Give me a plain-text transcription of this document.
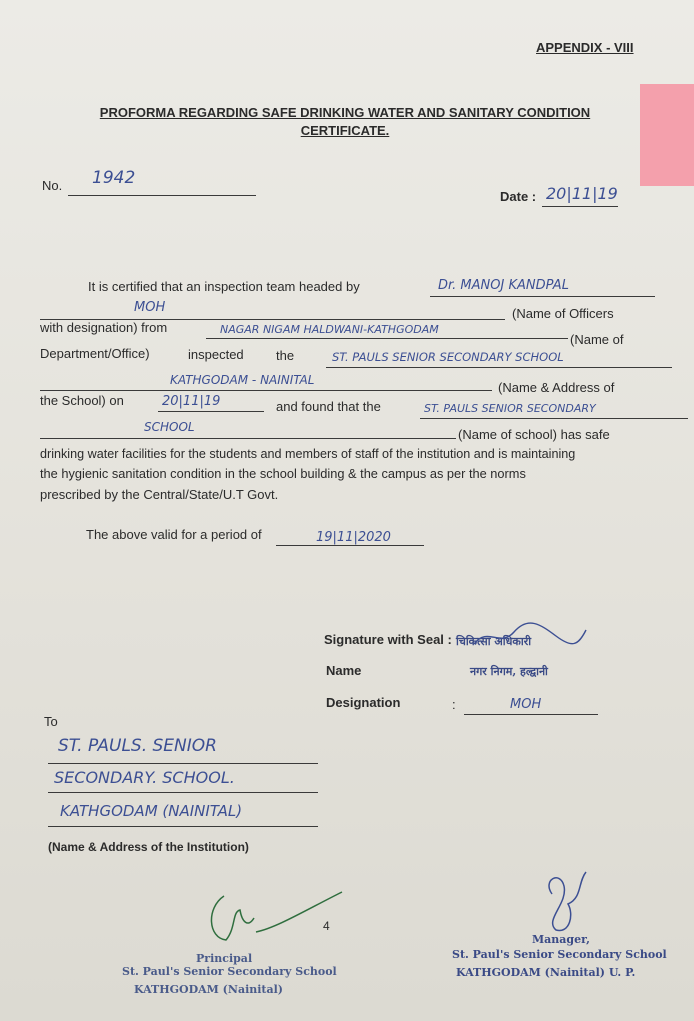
APPENDIX - VIII
PROFORMA REGARDING SAFE DRINKING WATER AND SANITARY CONDITION
CERTIFICATE.
No. 1942
Date : 20|11|19
It is certified that an inspection team headed by	Dr. MANOJ KANDPAL
MOH	(Name of Officers
with designation) from	NAGAR NIGAM HALDWANI-KATHGODAM
(Name of
Department/Office)	inspected the	ST. PAULS SENIOR SECONDARY SCHOOL
KATHGODAM - NAINITAL	(Name & Address of
the School) on	20|11|19	and found that the	ST. PAULS SENIOR SECONDARY
SCHOOL	(Name of school) has safe
drinking water facilities for the students and members of staff of the institution and is maintaining
the hygienic sanitation condition in the school building & the campus as per the norms
prescribed by the Central/State/U.T Govt.
The above valid for a period of	19|11|2020
Signature with Seal : चिकित्सा अधिकारी
Name	नगर निगम, हल्द्वानी
Designation	:	MOH
To
ST. PAULS. SENIOR
SECONDARY. SCHOOL.
KATHGODAM (NAINITAL)
(Name & Address of the Institution)
4
Principal
St. Paul's Senior Secondary School
KATHGODAM (Nainital)
Manager,
St. Paul's Senior Secondary School
KATHGODAM (Nainital) U. P.
